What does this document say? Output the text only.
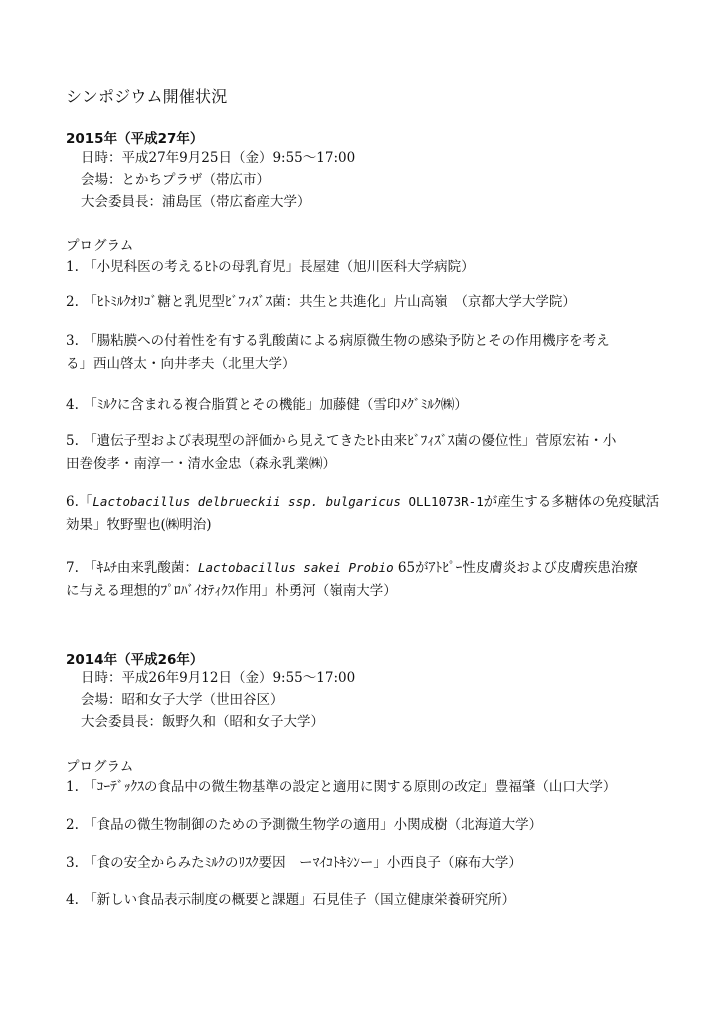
シンポジウム開催状況
2015年（平成27年）
日時：平成27年9月25日（金）9:55～17:00
会場：とかちプラザ（帯広市）
大会委員長：浦島匡（帯広畜産大学）
プログラム
1. 「小児科医の考えるﾋﾄの母乳育児」長屋建（旭川医科大学病院）
2. 「ﾋﾄﾐﾙｸｵﾘｺﾞ糖と乳児型ﾋﾞﾌｨｽﾞｽ菌：共生と共進化」片山高嶺　（京都大学大学院）
3. 「腸粘膜への付着性を有する乳酸菌による病原微生物の感染予防とその作用機序を考え
る」西山啓太・向井孝夫（北里大学）
4. 「ﾐﾙｸに含まれる複合脂質とその機能」加藤健（雪印ﾒｸﾞﾐﾙｸ㈱）
5. 「遺伝子型および表現型の評価から見えてきたﾋﾄ由来ﾋﾞﾌｨｽﾞｽ菌の優位性」菅原宏祐・小
田巻俊孝・南淳一・清水金忠（森永乳業㈱）
6.「Lactobacillus delbrueckii ssp. bulgaricus OLL1073R-1が産生する多糖体の免疫賦活
効果」牧野聖也(㈱明治)
7. 「ｷﾑﾁ由来乳酸菌：Lactobacillus sakei Probio 65がｱﾄﾋﾟｰ性皮膚炎および皮膚疾患治療
に与える理想的ﾌﾟﾛﾊﾞｲｵﾃｨｸｽ作用」朴勇河（嶺南大学）
2014年（平成26年）
日時：平成26年9月12日（金）9:55～17:00
会場：昭和女子大学（世田谷区）
大会委員長：飯野久和（昭和女子大学）
プログラム
1. 「ｺｰﾃﾞｯｸｽの食品中の微生物基準の設定と適用に関する原則の改定」豊福肇（山口大学）
2. 「食品の微生物制御のための予測微生物学の適用」小関成樹（北海道大学）
3. 「食の安全からみたﾐﾙｸのﾘｽｸ要因　ーﾏｲｺﾄｷｼﾝー」小西良子（麻布大学）
4. 「新しい食品表示制度の概要と課題」石見佳子（国立健康栄養研究所）
